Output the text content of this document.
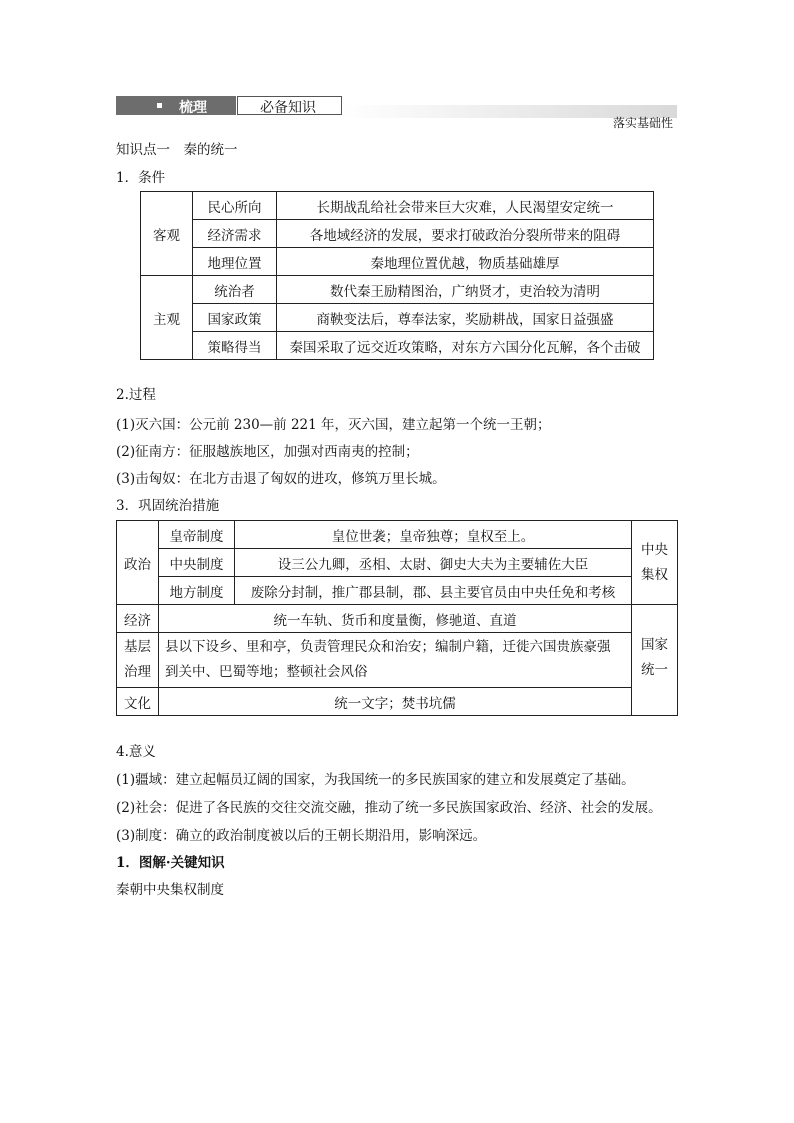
梳理	必备知识
落实基础性
知识点一　秦的统一
1．条件
客观	民心所向	长期战乱给社会带来巨大灾难，人民渴望安定统一
	经济需求	各地域经济的发展，要求打破政治分裂所带来的阻碍
	地理位置	秦地理位置优越，物质基础雄厚
主观	统治者	数代秦王励精图治，广纳贤才，吏治较为清明
	国家政策	商鞅变法后，尊奉法家，奖励耕战，国家日益强盛
	策略得当	秦国采取了远交近攻策略，对东方六国分化瓦解，各个击破
2.过程
(1)灭六国：公元前 230—前 221 年，灭六国，建立起第一个统一王朝；
(2)征南方：征服越族地区，加强对西南夷的控制；
(3)击匈奴：在北方击退了匈奴的进攻，修筑万里长城。
3．巩固统治措施
政治	皇帝制度	皇位世袭；皇帝独尊；皇权至上。	中央
集权
	中央制度	设三公九卿，丞相、太尉、御史大夫为主要辅佐大臣	
	地方制度	废除分封制，推广郡县制，郡、县主要官员由中央任免和考核	
经济	统一车轨、货币和度量衡，修驰道、直道		国家
统一
基层
治理	县以下设乡、里和亭，负责管理民众和治安；编制户籍，迁徙六国贵族豪强
到关中、巴蜀等地；整顿社会风俗		
文化	统一文字；焚书坑儒		
4.意义
(1)疆域：建立起幅员辽阔的国家，为我国统一的多民族国家的建立和发展奠定了基础。
(2)社会：促进了各民族的交往交流交融，推动了统一多民族国家政治、经济、社会的发展。
(3)制度：确立的政治制度被以后的王朝长期沿用，影响深远。
1．图解·关键知识
秦朝中央集权制度
